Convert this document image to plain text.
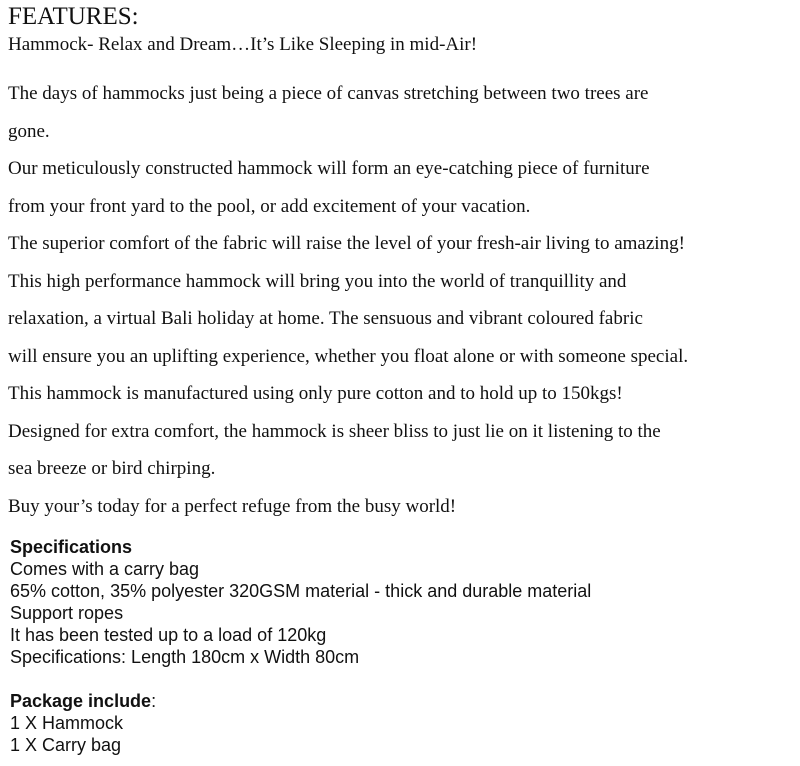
FEATURES:
Hammock- Relax and Dream…It’s Like Sleeping in mid-Air!
The days of hammocks just being a piece of canvas stretching between two trees are
gone.
Our meticulously constructed hammock will form an eye-catching piece of furniture
from your front yard to the pool, or add excitement of your vacation.
The superior comfort of the fabric will raise the level of your fresh-air living to amazing!
This high performance hammock will bring you into the world of tranquillity and
relaxation, a virtual Bali holiday at home. The sensuous and vibrant coloured fabric
will ensure you an uplifting experience, whether you float alone or with someone special.
This hammock is manufactured using only pure cotton and to hold up to 150kgs!
Designed for extra comfort, the hammock is sheer bliss to just lie on it listening to the
sea breeze or bird chirping.
Buy your’s today for a perfect refuge from the busy world!
Specifications
Comes with a carry bag
65% cotton, 35% polyester 320GSM material - thick and durable material
Support ropes
It has been tested up to a load of 120kg
Specifications: Length 180cm x Width 80cm
Package include:
1 X Hammock
1 X Carry bag
